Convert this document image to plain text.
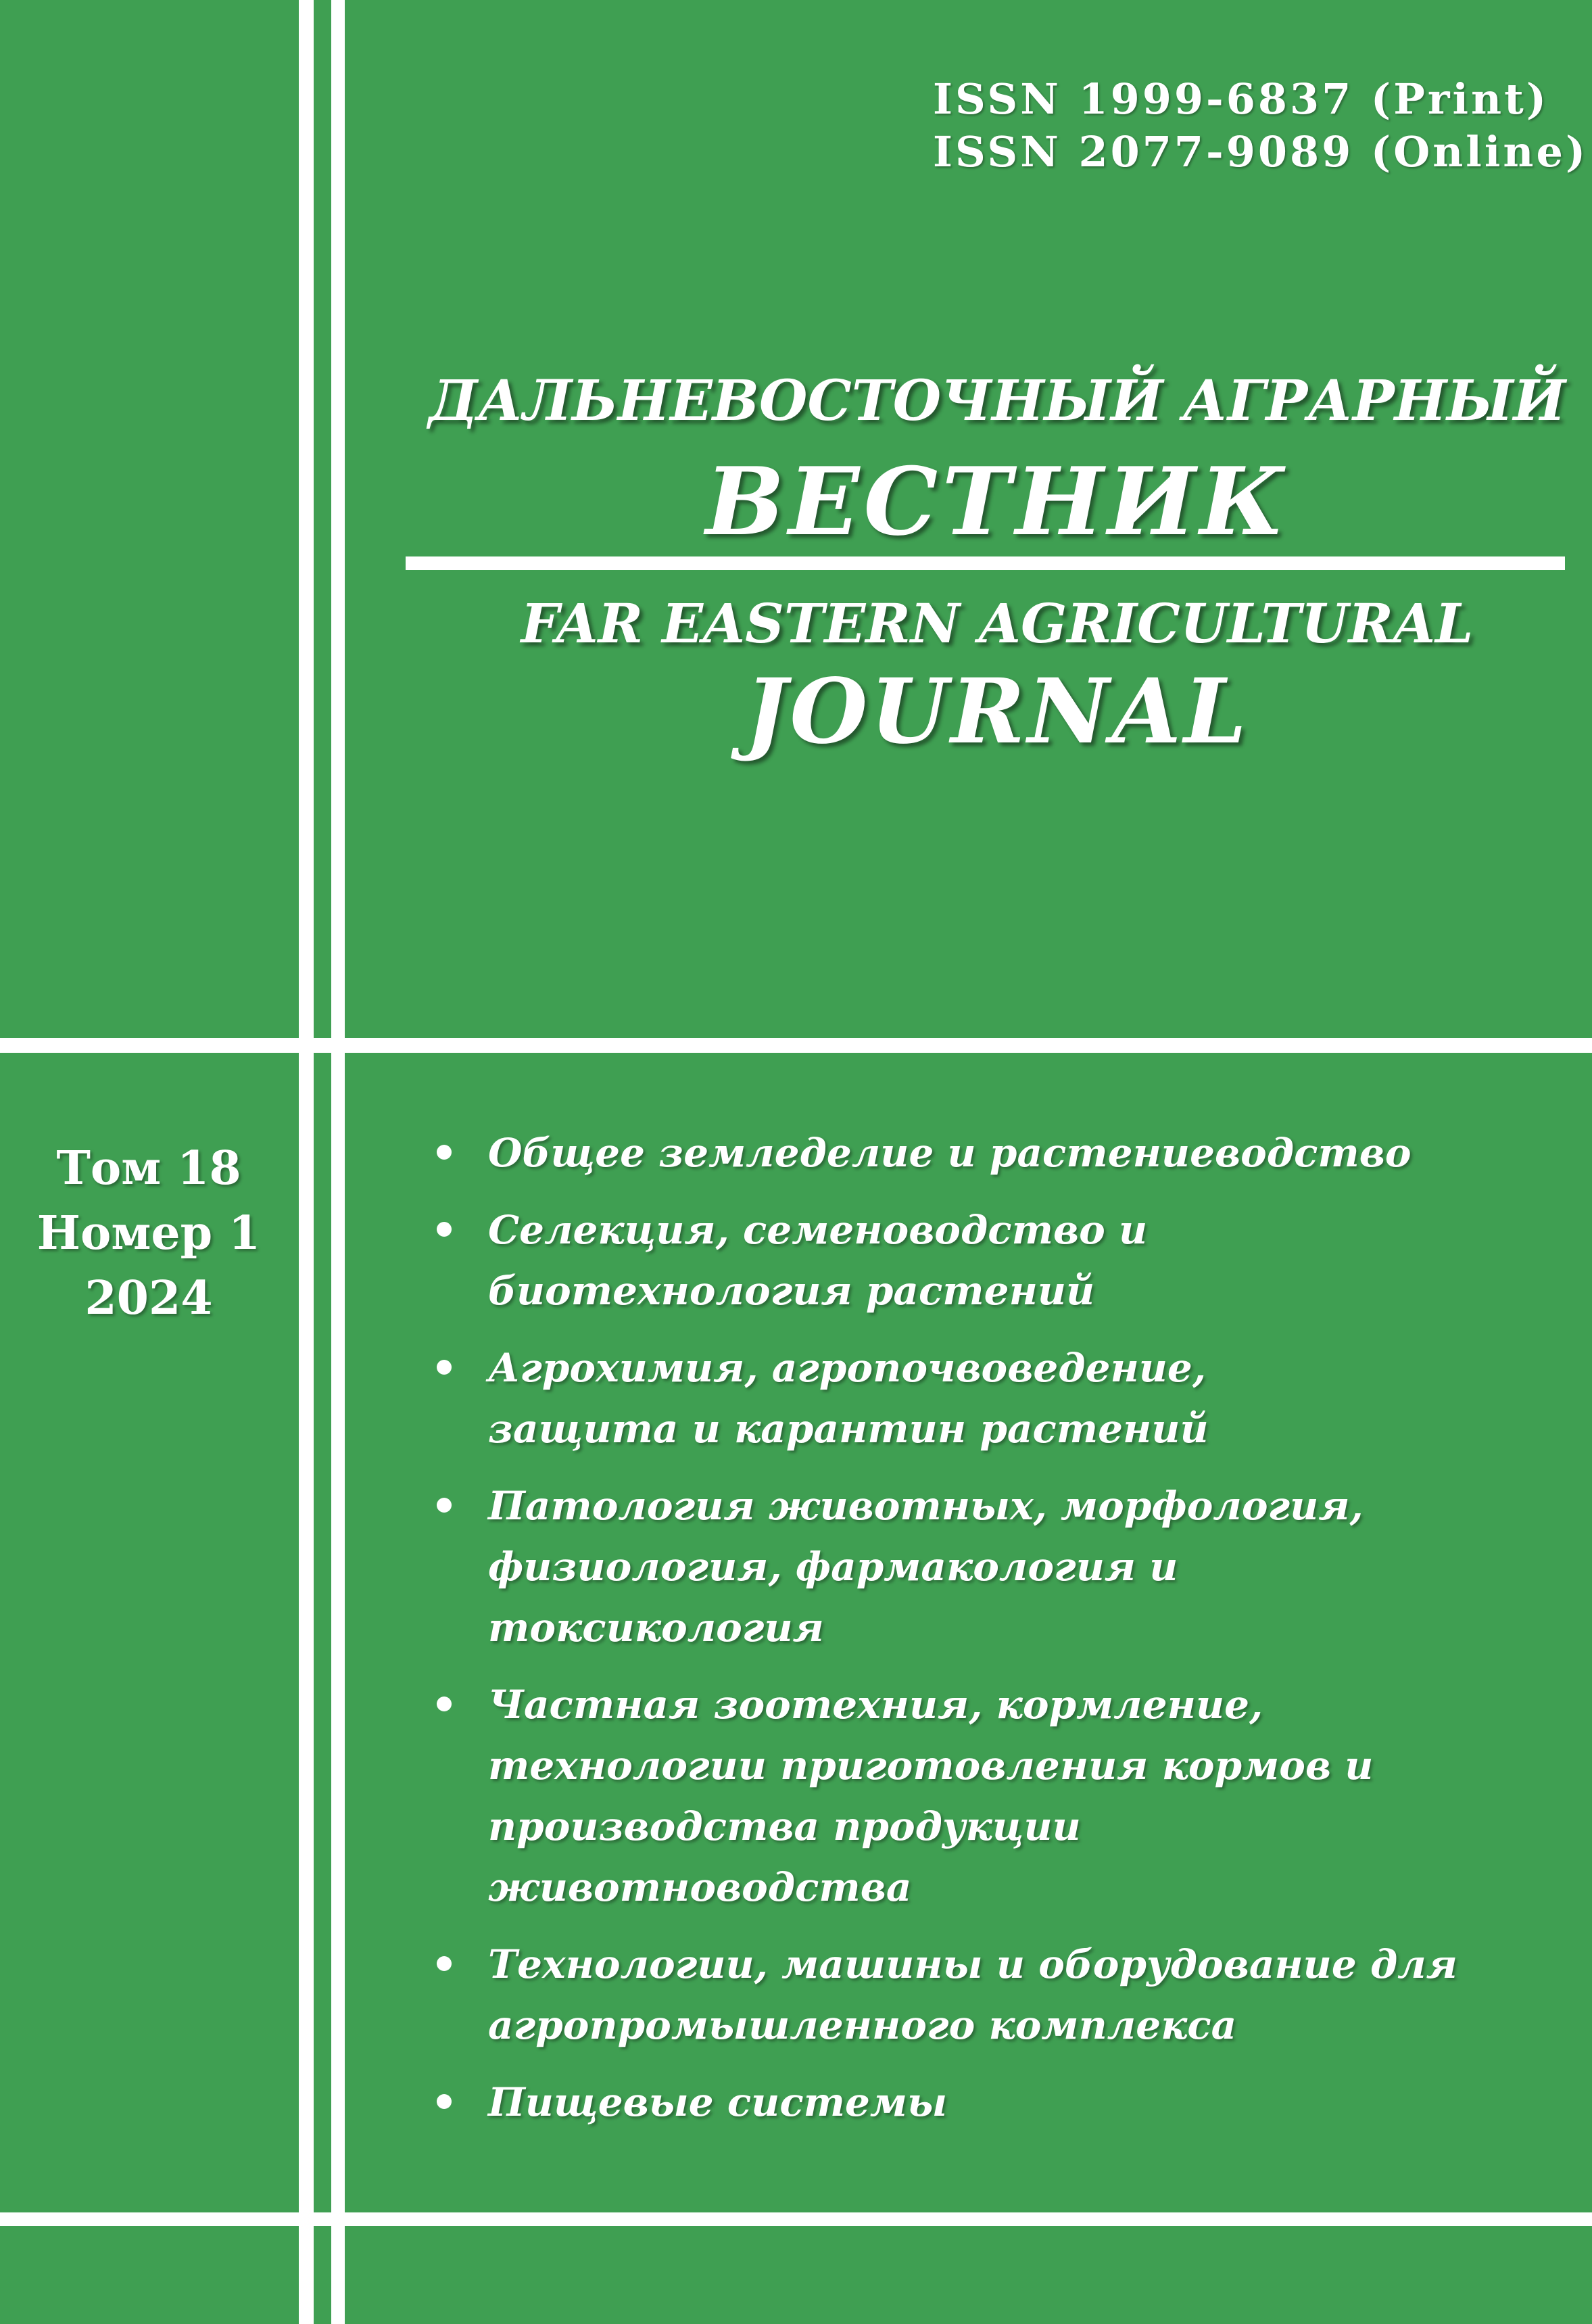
ISSN 1999-6837 (Print)
ISSN 2077-9089 (Online)
ДАЛЬНЕВОСТОЧНЫЙ АГРАРНЫЙ
ВЕСТНИК
FAR EASTERN AGRICULTURAL
JOURNAL
Том 18
Номер 1
2024
Общее земледелие и растениеводство
Селекция, семеноводство и биотехнология растений
Агрохимия, агропочвоведение, защита и карантин растений
Патология животных, морфология, физиология, фармакология и токсикология
Частная зоотехния, кормление, технологии приготовления кормов и производства продукции животноводства
Технологии, машины и оборудование для агропромышленного комплекса
Пищевые системы
